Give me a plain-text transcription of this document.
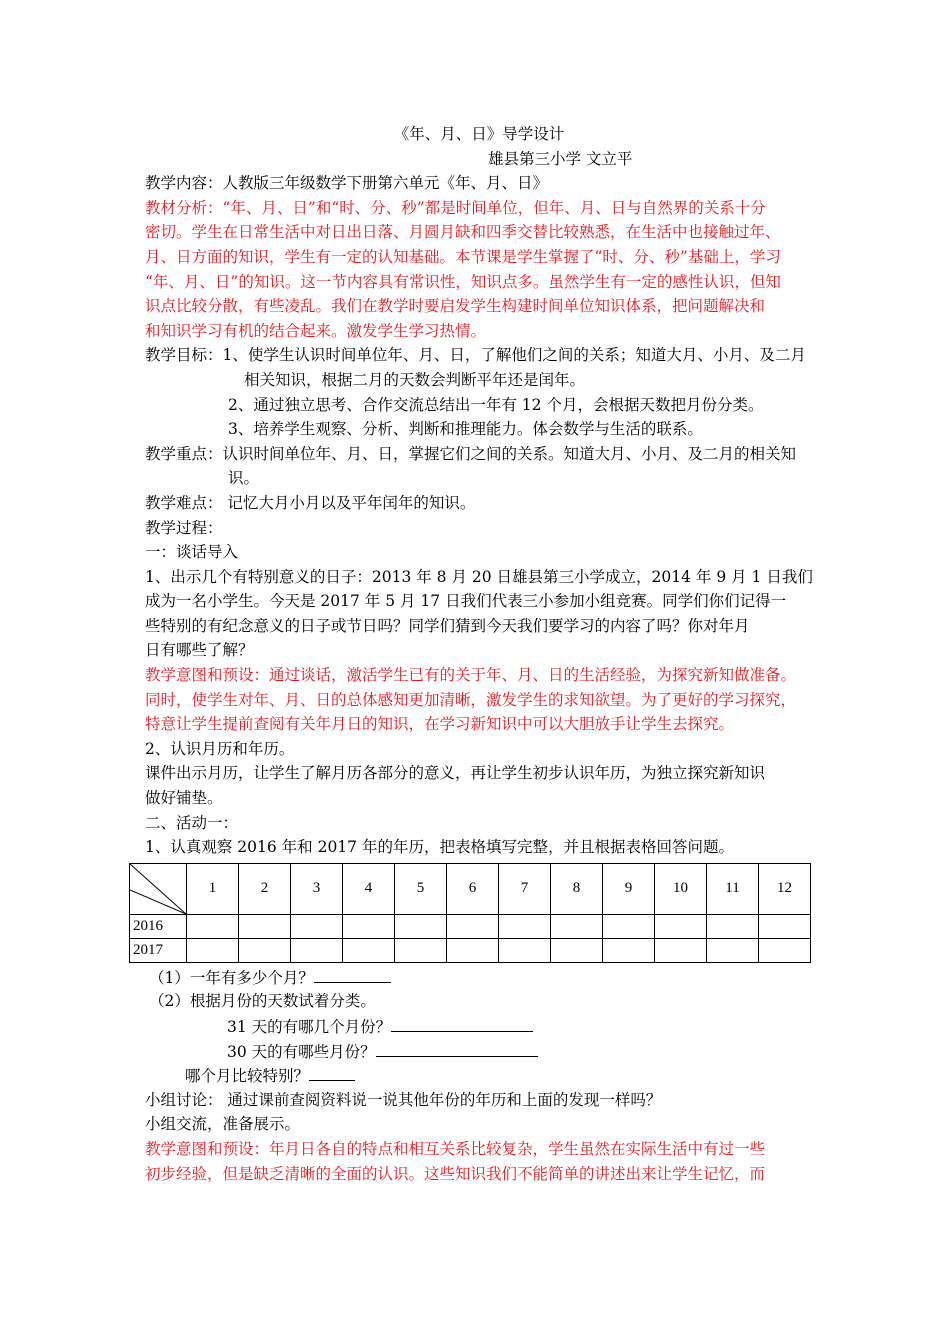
《年、月、日》导学设计
雄县第三小学 文立平
教学内容：人教版三年级数学下册第六单元《年、月、日》
教材分析：“年、月、日”和“时、分、秒”都是时间单位，但年、月、日与自然界的关系十分
密切。学生在日常生活中对日出日落、月圆月缺和四季交替比较熟悉，在生活中也接触过年、
月、日方面的知识，学生有一定的认知基础。本节课是学生掌握了“时、分、秒”基础上，学习
“年、月、日”的知识。这一节内容具有常识性，知识点多。虽然学生有一定的感性认识，但知
识点比较分散，有些凌乱。我们在教学时要启发学生构建时间单位知识体系，把问题解决和
和知识学习有机的结合起来。激发学生学习热情。
教学目标：1、使学生认识时间单位年、月、日，了解他们之间的关系；知道大月、小月、及二月
相关知识，根据二月的天数会判断平年还是闰年。
2、通过独立思考、合作交流总结出一年有 12 个月，会根据天数把月份分类。
3、培养学生观察、分析、判断和推理能力。体会数学与生活的联系。
教学重点：认识时间单位年、月、日，掌握它们之间的关系。知道大月、小月、及二月的相关知
识。
教学难点： 记忆大月小月以及平年闰年的知识。
教学过程：
一：谈话导入
1、出示几个有特别意义的日子：2013 年 8 月 20 日雄县第三小学成立，2014 年 9 月 1 日我们
成为一名小学生。今天是 2017 年 5 月 17 日我们代表三小参加小组竞赛。同学们你们记得一
些特别的有纪念意义的日子或节日吗？同学们猜到今天我们要学习的内容了吗？你对年月
日有哪些了解？
教学意图和预设：通过谈话，激活学生已有的关于年、月、日的生活经验，为探究新知做准备。
同时，使学生对年、月、日的总体感知更加清晰，激发学生的求知欲望。为了更好的学习探究，
特意让学生提前查阅有关年月日的知识，在学习新知识中可以大胆放手让学生去探究。
2、认识月历和年历。
课件出示月历，让学生了解月历各部分的意义，再让学生初步认识年历，为独立探究新知识
做好铺垫。
二、活动一：
1、认真观察 2016 年和 2017 年的年历，把表格填写完整，并且根据表格回答问题。
	1	2	3	4	5	6	7	8	9	10	11	12
2016												
2017												
（1）一年有多少个月？
（2）根据月份的天数试着分类。
31 天的有哪几个月份？
30 天的有哪些月份？
哪个月比较特别？
小组讨论： 通过课前查阅资料说一说其他年份的年历和上面的发现一样吗？
小组交流，准备展示。
教学意图和预设：年月日各自的特点和相互关系比较复杂，学生虽然在实际生活中有过一些
初步经验，但是缺乏清晰的全面的认识。这些知识我们不能简单的讲述出来让学生记忆，而
